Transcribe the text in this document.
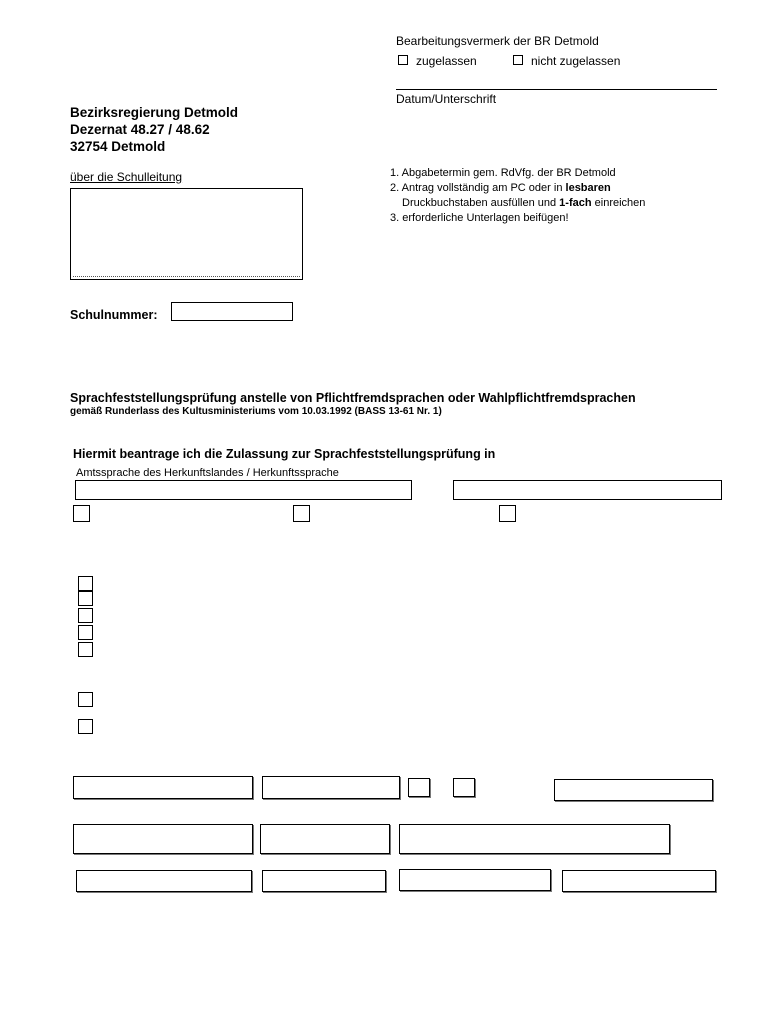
Bearbeitungsvermerk der BR Detmold
zugelassen	nicht zugelassen
Datum/Unterschrift
Bezirksregierung Detmold
Dezernat 48.27 / 48.62
32754 Detmold
über die Schulleitung	1. Abgabetermin gem. RdVfg. der BR Detmold
2. Antrag vollständig am PC oder in lesbaren
Druckbuchstaben ausfüllen und 1-fach einreichen
3. erforderliche Unterlagen beifügen!
Schulnummer:
Sprachfeststellungsprüfung anstelle von Pflichtfremdsprachen oder Wahlpflichtfremdsprachen
gemäß Runderlass des Kultusministeriums vom 10.03.1992 (BASS 13-61 Nr. 1)
Hiermit beantrage ich die Zulassung zur Sprachfeststellungsprüfung in
Amtssprache des Herkunftslandes / Herkunftssprache
